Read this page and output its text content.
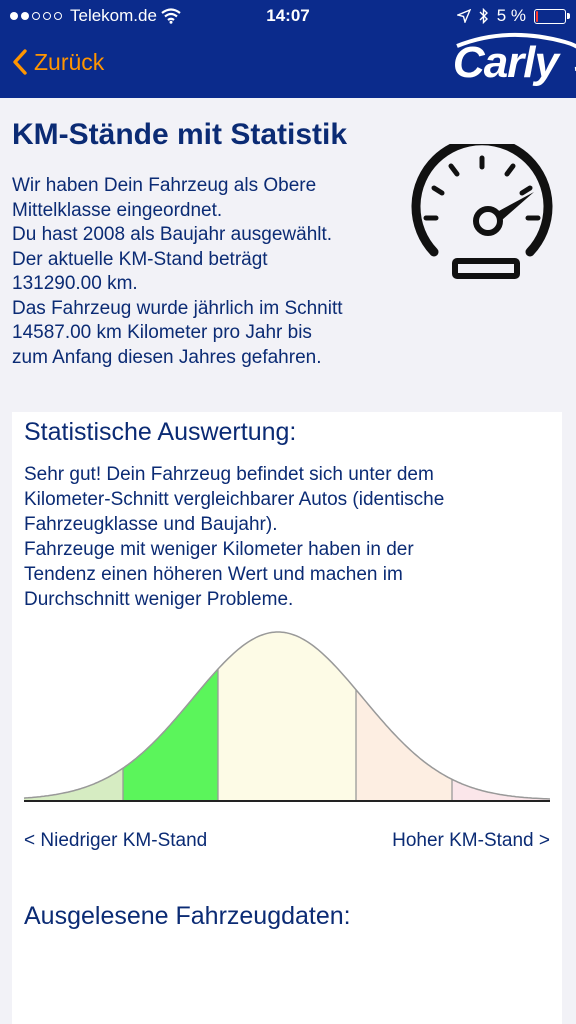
Telekom.de	14:07	5 %
Zurück	Carly
KM-Stände mit Statistik
Wir haben Dein Fahrzeug als Obere
Mittelklasse eingeordnet.
Du hast 2008 als Baujahr ausgewählt.
Der aktuelle KM-Stand beträgt
131290.00 km.
Das Fahrzeug wurde jährlich im Schnitt
14587.00 km Kilometer pro Jahr bis
zum Anfang diesen Jahres gefahren.
Statistische Auswertung:
Sehr gut! Dein Fahrzeug befindet sich unter dem
Kilometer-Schnitt vergleichbarer Autos (identische
Fahrzeugklasse und Baujahr).
Fahrzeuge mit weniger Kilometer haben in der
Tendenz einen höheren Wert und machen im
Durchschnitt weniger Probleme.
< Niedriger KM-Stand	Hoher KM-Stand >
Ausgelesene Fahrzeugdaten:
